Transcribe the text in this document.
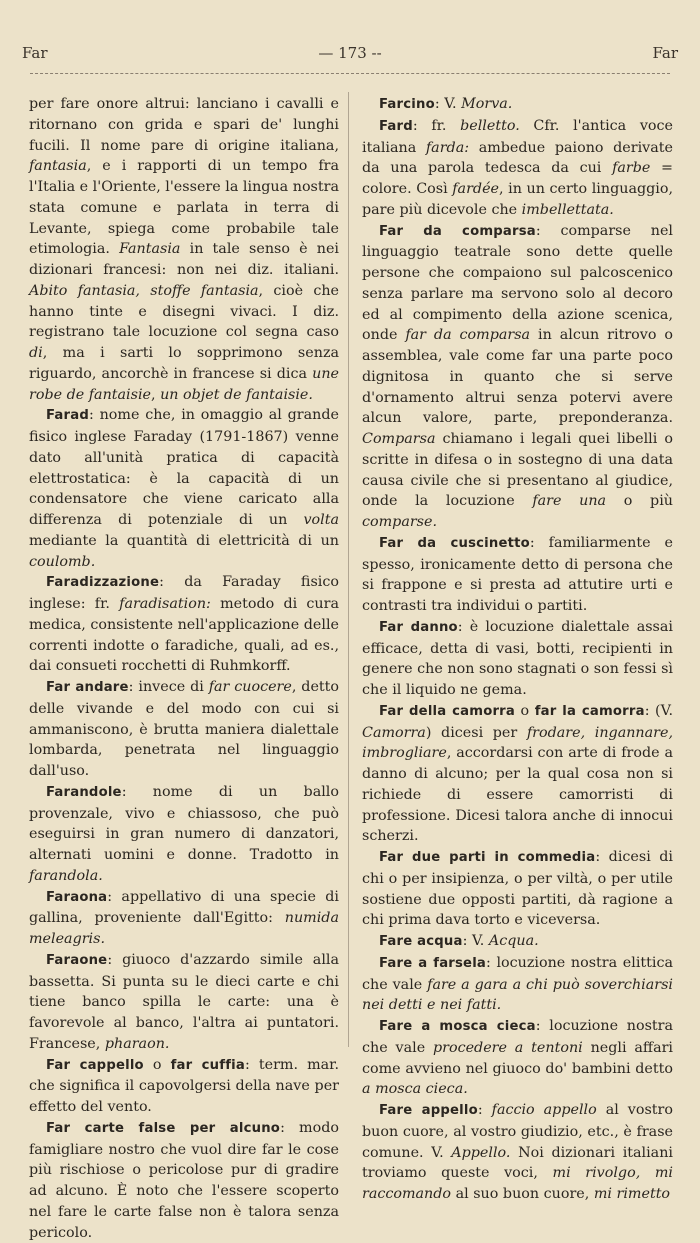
Far	— 173 --	Far

per fare onore altrui: lanciano i cavalli e ritornano con grida e spari de' lunghi fucili. Il nome pare di origine italiana, fantasia, e i rapporti di un tempo fra l'Italia e l'Oriente, l'essere la lingua nostra stata comune e parlata in terra di Levante, spiega come probabile tale etimologia. Fantasia in tale senso è nei dizionari francesi: non nei diz. italiani. Abito fantasia, stoffe fantasia, cioè che hanno tinte e disegni vivaci. I diz. registrano tale locuzione col segna caso di, ma i sarti lo sopprimono senza riguardo, ancorchè in francese si dica une robe de fantaisie, un objet de fantaisie.

Farad: nome che, in omaggio al grande fisico inglese Faraday (1791-1867) venne dato all'unità pratica di capacità elettrostatica: è la capacità di un condensatore che viene caricato alla differenza di potenziale di un volta mediante la quantità di elettricità di un coulomb.

Faradizzazione: da Faraday fisico inglese: fr. faradisation: metodo di cura medica, consistente nell'applicazione delle correnti indotte o faradiche, quali, ad es., dai consueti rocchetti di Ruhmkorff.

Far andare: invece di far cuocere, detto delle vivande e del modo con cui si ammaniscono, è brutta maniera dialettale lombarda, penetrata nel linguaggio dall'uso.

Farandole: nome di un ballo provenzale, vivo e chiassoso, che può eseguirsi in gran numero di danzatori, alternati uomini e donne. Tradotto in farandola.

Faraona: appellativo di una specie di gallina, proveniente dall'Egitto: numida meleagris.

Faraone: giuoco d'azzardo simile alla bassetta. Si punta su le dieci carte e chi tiene banco spilla le carte: una è favorevole al banco, l'altra ai puntatori. Francese, pharaon.

Far cappello o far cuffia: term. mar. che significa il capovolgersi della nave per effetto del vento.

Far carte false per alcuno: modo famigliare nostro che vuol dire far le cose più rischiose o pericolose pur di gradire ad alcuno. È noto che l'essere scoperto nel fare le carte false non è talora senza pericolo.

Farcino: V. Morva.

Fard: fr. belletto. Cfr. l'antica voce italiana farda: ambedue paiono derivate da una parola tedesca da cui farbe = colore. Così fardée, in un certo linguaggio, pare più dicevole che imbellettata.

Far da comparsa: comparse nel linguaggio teatrale sono dette quelle persone che compaiono sul palcoscenico senza parlare ma servono solo al decoro ed al compimento della azione scenica, onde far da comparsa in alcun ritrovo o assemblea, vale come far una parte poco dignitosa in quanto che si serve d'ornamento altrui senza potervi avere alcun valore, parte, preponderanza. Comparsa chiamano i legali quei libelli o scritte in difesa o in sostegno di una data causa civile che si presentano al giudice, onde la locuzione fare una o più comparse.

Far da cuscinetto: familiarmente e spesso, ironicamente detto di persona che si frappone e si presta ad attutire urti e contrasti tra individui o partiti.

Far danno: è locuzione dialettale assai efficace, detta di vasi, botti, recipienti in genere che non sono stagnati o son fessi sì che il liquido ne gema.

Far della camorra o far la camorra: (V. Camorra) dicesi per frodare, ingannare, imbrogliare, accordarsi con arte di frode a danno di alcuno; per la qual cosa non si richiede di essere camorristi di professione. Dicesi talora anche di innocui scherzi.

Far due parti in commedia: dicesi di chi o per insipienza, o per viltà, o per utile sostiene due opposti partiti, dà ragione a chi prima dava torto e viceversa.

Fare acqua: V. Acqua.

Fare a farsela: locuzione nostra elittica che vale fare a gara a chi può soverchiarsi nei detti e nei fatti.

Fare a mosca cieca: locuzione nostra che vale procedere a tentoni negli affari come avvieno nel giuoco do' bambini detto a mosca cieca.

Fare appello: faccio appello al vostro buon cuore, al vostro giudizio, etc., è frase comune. V. Appello. Noi dizionari italiani troviamo queste voci, mi rivolgo, mi raccomando al suo buon cuore, mi rimetto
